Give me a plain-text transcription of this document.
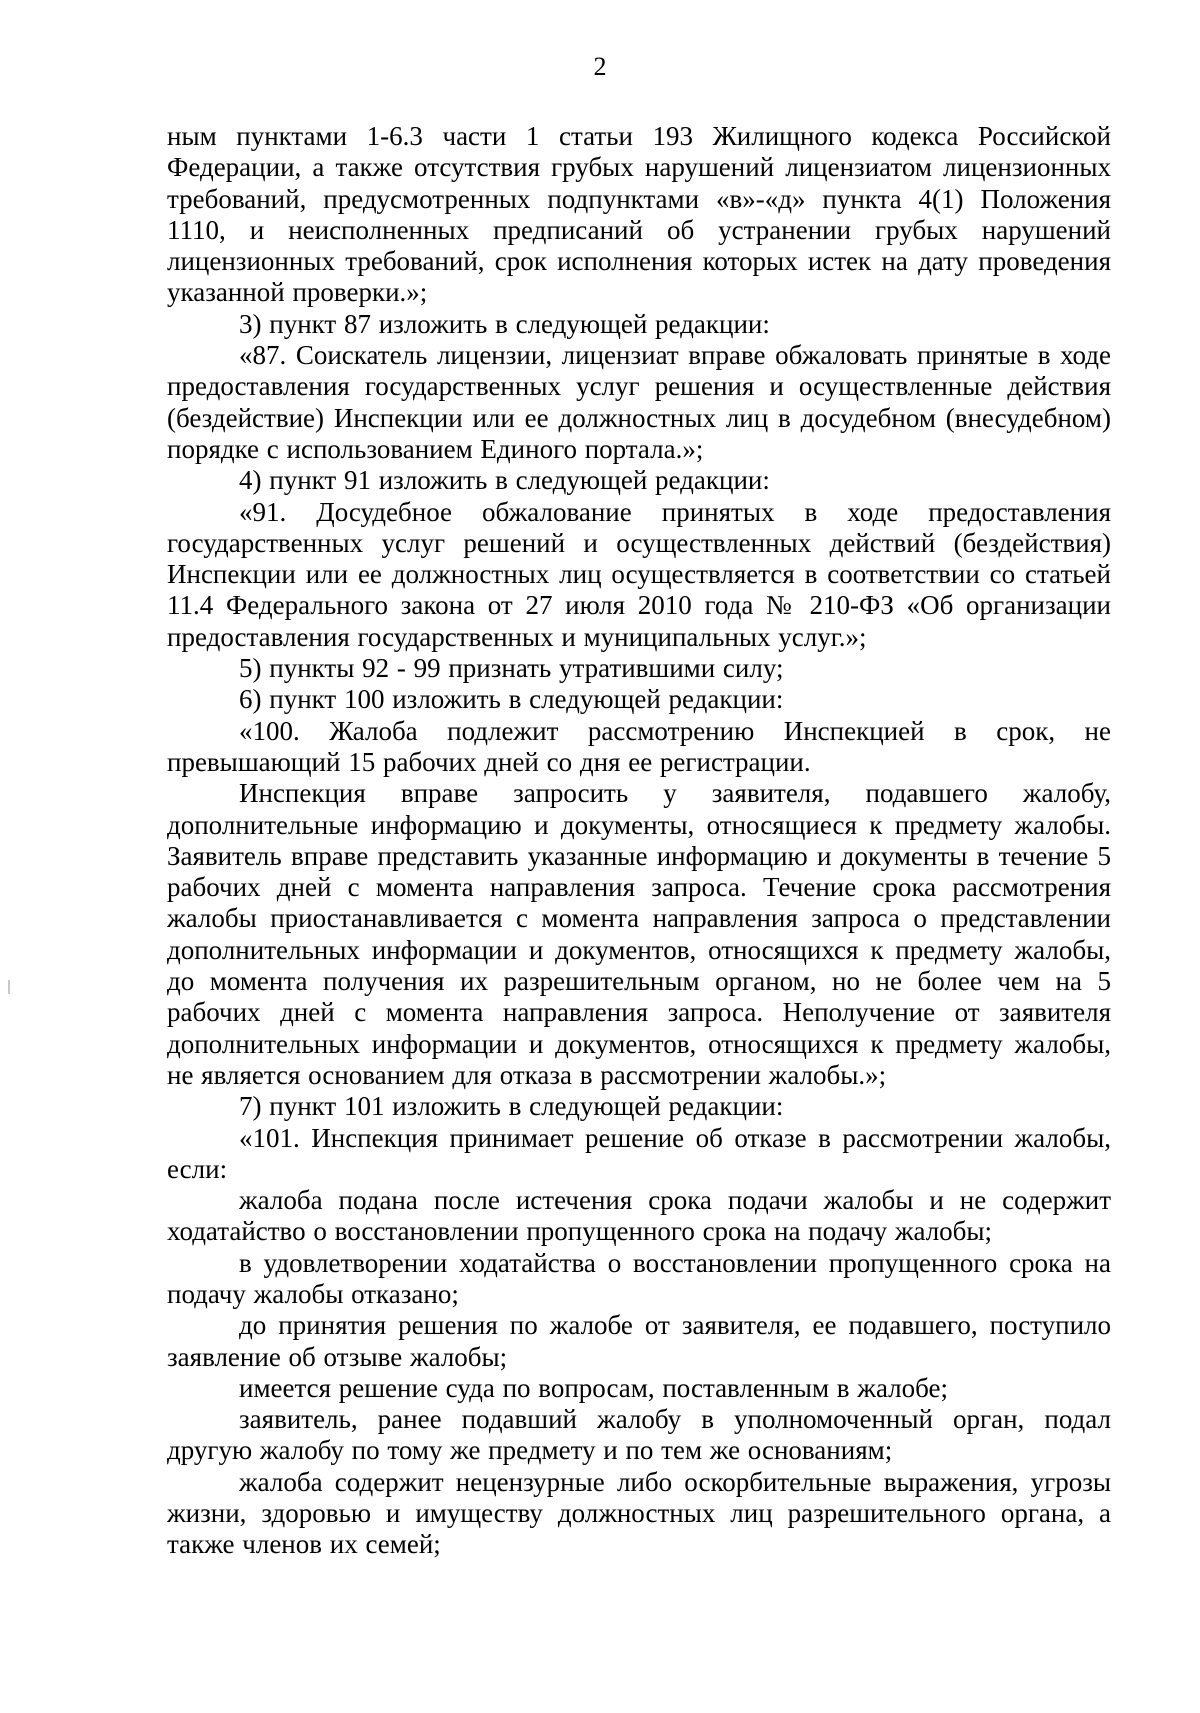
2

ным пунктами 1-6.3 части 1 статьи 193 Жилищного кодекса Российской Федерации, а также отсутствия грубых нарушений лицензиатом лицензионных требований, предусмотренных подпунктами «в»-«д» пункта 4(1) Положения 1110, и неисполненных предписаний об устранении грубых нарушений лицензионных требований, срок исполнения которых истек на дату проведения указанной проверки.»;

3) пункт 87 изложить в следующей редакции:

«87. Соискатель лицензии, лицензиат вправе обжаловать принятые в ходе предоставления государственных услуг решения и осуществленные действия (бездействие) Инспекции или ее должностных лиц в досудебном (внесудебном) порядке с использованием Единого портала.»;

4) пункт 91 изложить в следующей редакции:

«91. Досудебное обжалование принятых в ходе предоставления государственных услуг решений и осуществленных действий (бездействия) Инспекции или ее должностных лиц осуществляется в соответствии со статьей 11.4 Федерального закона от 27 июля 2010 года № 210-ФЗ «Об организации предоставления государственных и муниципальных услуг.»;

5) пункты 92 - 99 признать утратившими силу;

6) пункт 100 изложить в следующей редакции:

«100. Жалоба подлежит рассмотрению Инспекцией в срок, не превышающий 15 рабочих дней со дня ее регистрации.

Инспекция вправе запросить у заявителя, подавшего жалобу, дополнительные информацию и документы, относящиеся к предмету жалобы. Заявитель вправе представить указанные информацию и документы в течение 5 рабочих дней с момента направления запроса. Течение срока рассмотрения жалобы приостанавливается с момента направления запроса о представлении дополнительных информации и документов, относящихся к предмету жалобы, до момента получения их разрешительным органом, но не более чем на 5 рабочих дней с момента направления запроса. Неполучение от заявителя дополнительных информации и документов, относящихся к предмету жалобы, не является основанием для отказа в рассмотрении жалобы.»;

7) пункт 101 изложить в следующей редакции:

«101. Инспекция принимает решение об отказе в рассмотрении жалобы, если:

жалоба подана после истечения срока подачи жалобы и не содержит ходатайство о восстановлении пропущенного срока на подачу жалобы;

в удовлетворении ходатайства о восстановлении пропущенного срока на подачу жалобы отказано;

до принятия решения по жалобе от заявителя, ее подавшего, поступило заявление об отзыве жалобы;

имеется решение суда по вопросам, поставленным в жалобе;

заявитель, ранее подавший жалобу в уполномоченный орган, подал другую жалобу по тому же предмету и по тем же основаниям;

жалоба содержит нецензурные либо оскорбительные выражения, угрозы жизни, здоровью и имуществу должностных лиц разрешительного органа, а также членов их семей;
